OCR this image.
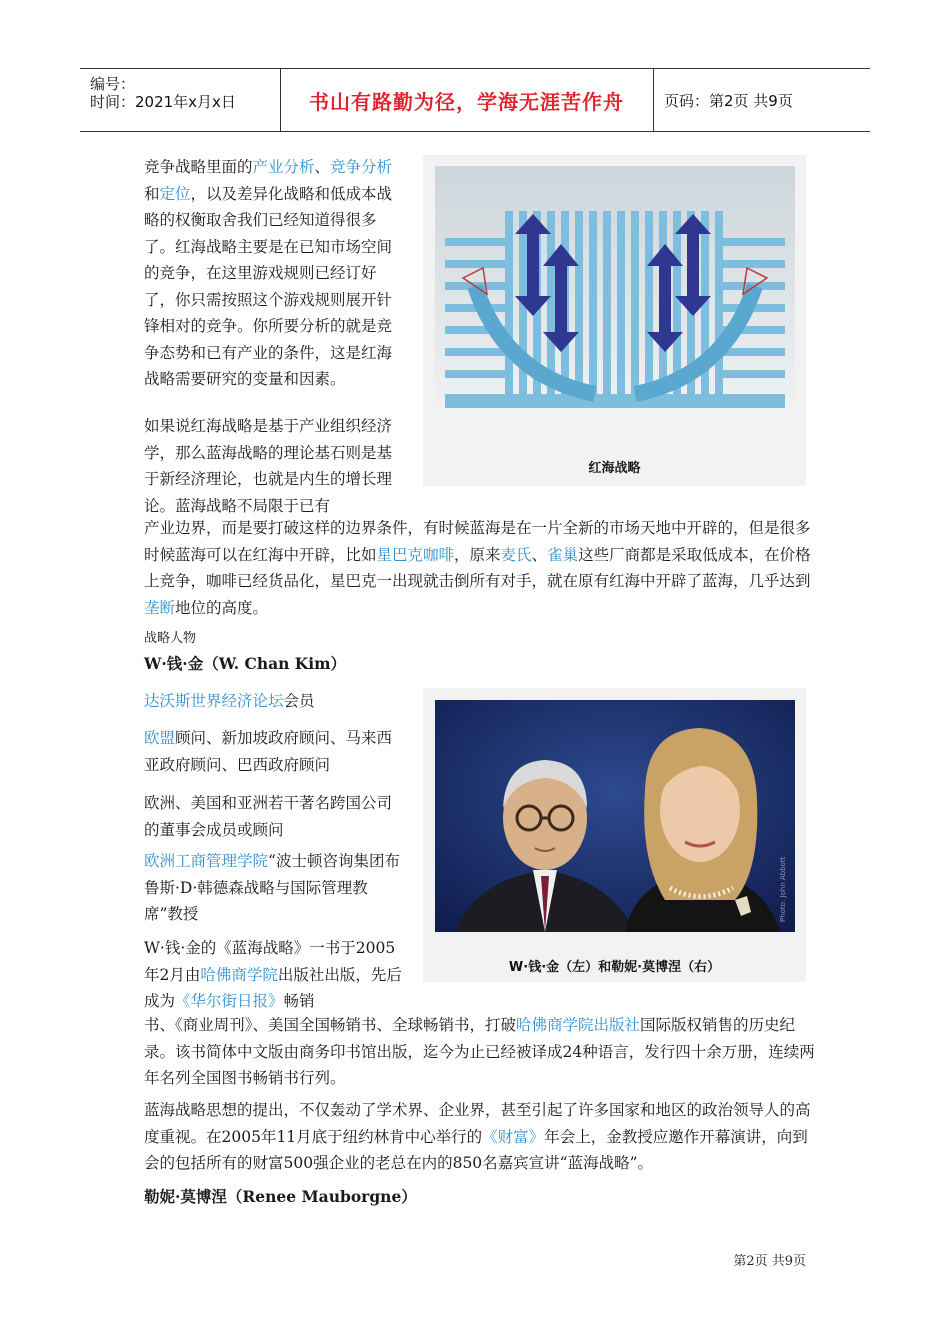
编号：
时间：2021年x月x日	书山有路勤为径，学海无涯苦作舟	页码：第2页 共9页

竞争战略里面的产业分析、竞争分析和定位，以及差异化战略和低成本战略的权衡取舍我们已经知道得很多了。红海战略主要是在已知市场空间的竞争，在这里游戏规则已经订好了，你只需按照这个游戏规则展开针锋相对的竞争。你所要分析的就是竞争态势和已有产业的条件，这是红海战略需要研究的变量和因素。

如果说红海战略是基于产业组织经济学，那么蓝海战略的理论基石则是基于新经济理论，也就是内生的增长理论。蓝海战略不局限于已有

产业边界，而是要打破这样的边界条件，有时候蓝海是在一片全新的市场天地中开辟的，但是很多时候蓝海可以在红海中开辟，比如星巴克咖啡，原来麦氏、雀巢这些厂商都是采取低成本，在价格上竞争，咖啡已经货品化，星巴克一出现就击倒所有对手，就在原有红海中开辟了蓝海，几乎达到垄断地位的高度。

红海战略
战略人物
W·钱·金（W. Chan Kim）

达沃斯世界经济论坛会员

欧盟顾问、新加坡政府顾问、马来西亚政府顾问、巴西政府顾问

欧洲、美国和亚洲若干著名跨国公司的董事会成员或顾问

欧洲工商管理学院“波士顿咨询集团布鲁斯·D·韩德森战略与国际管理教席”教授

W·钱·金的《蓝海战略》一书于2005年2月由哈佛商学院出版社出版，先后成为《华尔街日报》畅销

书、《商业周刊》、美国全国畅销书、全球畅销书，打破哈佛商学院出版社国际版权销售的历史纪录。该书简体中文版由商务印书馆出版，迄今为止已经被译成24种语言，发行四十余万册，连续两年名列全国图书畅销书行列。

Photo: John Abbott
W·钱·金（左）和勒妮·莫博涅（右）

蓝海战略思想的提出，不仅轰动了学术界、企业界，甚至引起了许多国家和地区的政治领导人的高度重视。在2005年11月底于纽约林肯中心举行的《财富》年会上，金教授应邀作开幕演讲，向到会的包括所有的财富500强企业的老总在内的850名嘉宾宣讲“蓝海战略”。

勒妮·莫博涅（Renee Mauborgne）
第2页 共9页
